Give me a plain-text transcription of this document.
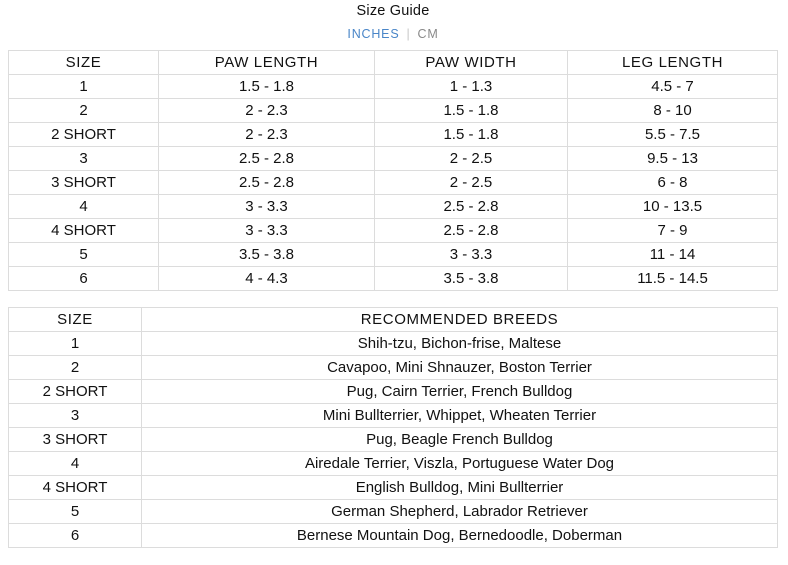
Size Guide
INCHES | CM
SIZE	PAW LENGTH	PAW WIDTH	LEG LENGTH
1	1.5 - 1.8	1 - 1.3	4.5 - 7
2	2 - 2.3	1.5 - 1.8	8 - 10
2 SHORT	2 - 2.3	1.5 - 1.8	5.5 - 7.5
3	2.5 - 2.8	2 - 2.5	9.5 - 13
3 SHORT	2.5 - 2.8	2 - 2.5	6 - 8
4	3 - 3.3	2.5 - 2.8	10 - 13.5
4 SHORT	3 - 3.3	2.5 - 2.8	7 - 9
5	3.5 - 3.8	3 - 3.3	11 - 14
6	4 - 4.3	3.5 - 3.8	11.5 - 14.5
SIZE	RECOMMENDED BREEDS
1	Shih-tzu, Bichon-frise, Maltese
2	Cavapoo, Mini Shnauzer, Boston Terrier
2 SHORT	Pug, Cairn Terrier, French Bulldog
3	Mini Bullterrier, Whippet, Wheaten Terrier
3 SHORT	Pug, Beagle French Bulldog
4	Airedale Terrier, Viszla, Portuguese Water Dog
4 SHORT	English Bulldog, Mini Bullterrier
5	German Shepherd, Labrador Retriever
6	Bernese Mountain Dog, Bernedoodle, Doberman
